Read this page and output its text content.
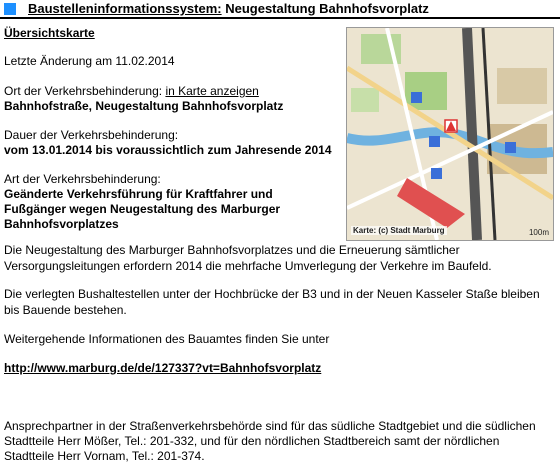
Baustelleninformationssystem: Neugestaltung Bahnhofsvorplatz
Übersichtskarte
Letzte Änderung am 11.02.2014
Ort der Verkehrsbehinderung: in Karte anzeigen
Bahnhofstraße, Neugestaltung Bahnhofsvorplatz
Dauer der Verkehrsbehinderung:
vom 13.01.2014 bis voraussichtlich zum Jahresende 2014
Art der Verkehrsbehinderung:
Geänderte Verkehrsführung für Kraftfahrer und
Fußgänger wegen Neugestaltung des Marburger
Bahnhofsvorplatzes	Karte: (c) Stadt Marburg	100m
Die Neugestaltung des Marburger Bahnhofsvorplatzes und die Erneuerung sämtlicher
Versorgungsleitungen erfordern 2014 die mehrfache Umverlegung der Verkehre im Baufeld.
Die verlegten Bushaltestellen unter der Hochbrücke der B3 und in der Neuen Kasseler Staße bleiben
bis Bauende bestehen.
Weitergehende Informationen des Bauamtes finden Sie unter
http://www.marburg.de/de/127337?vt=Bahnhofsvorplatz
Ansprechpartner in der Straßenverkehrsbehörde sind für das südliche Stadtgebiet und die südlichen
Stadtteile Herr Mößer, Tel.: 201-332, und für den nördlichen Stadtbereich samt der nördlichen
Stadtteile Herr Vornam, Tel.: 201-374.
